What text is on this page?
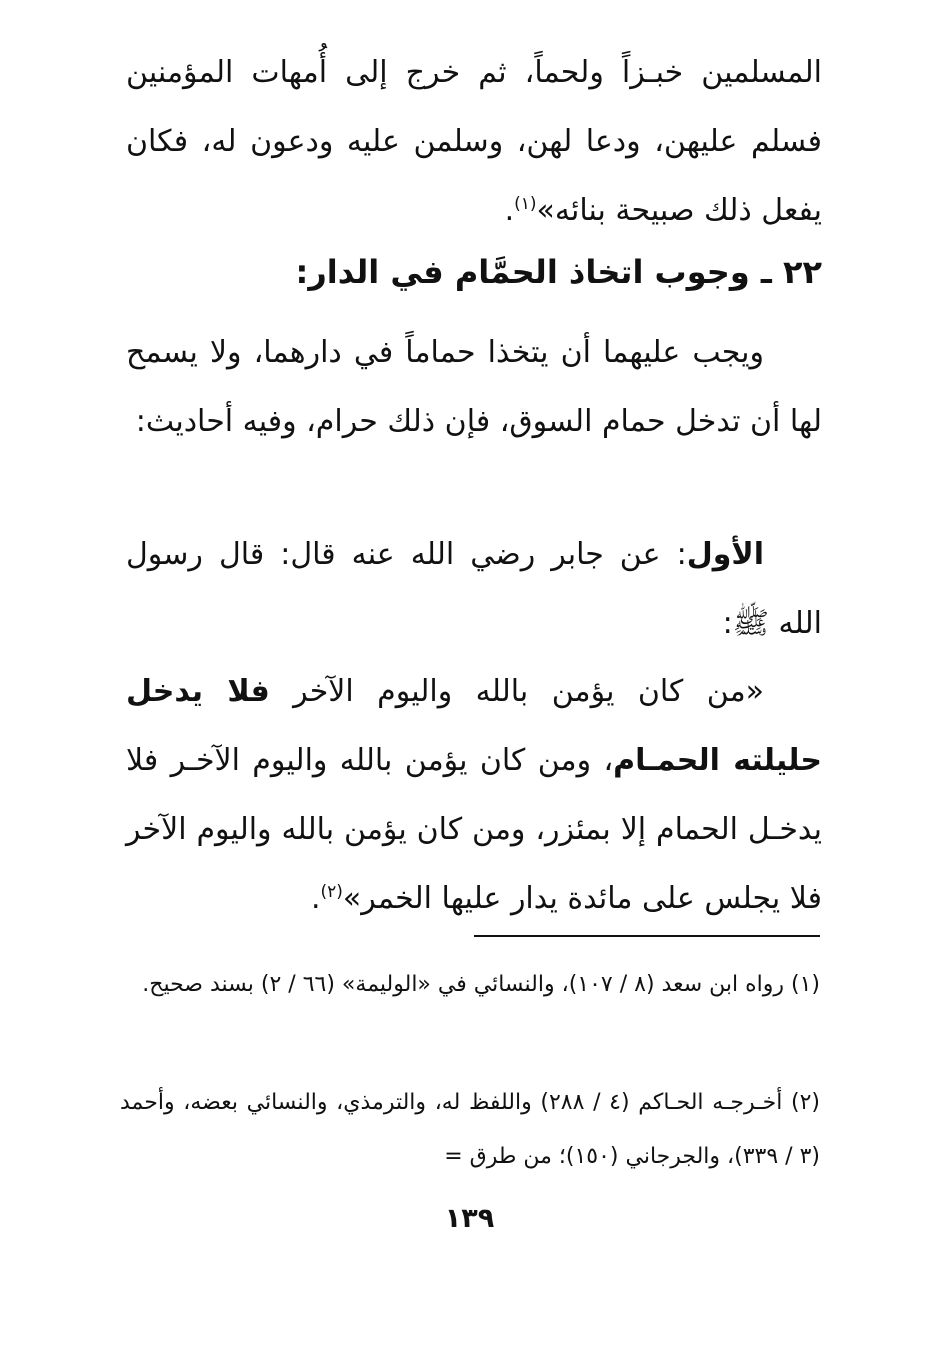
المسلمين خبـزاً ولحماً، ثم خرج إلى أُمهات المؤمنين فسلم عليهن، ودعا لهن، وسلمن عليه ودعون له، فكان يفعل ذلك صبيحة بنائه»$^{(١)}$.
٢٢ ـ وجوب اتخاذ الحمَّام في الدار:
ويجب عليهما أن يتخذا حماماً في دارهما، ولا يسمح لها أن تدخل حمام السوق، فإن ذلك حرام، وفيه أحاديث:
الأول: عن جابر رضي الله عنه قال: قال رسول الله ﷺ:
«من كان يؤمن بالله واليوم الآخر فلا يدخل حليلته الحمـام، ومن كان يؤمن بالله واليوم الآخـر فلا يدخـل الحمام إلا بمئزر، ومن كان يؤمن بالله واليوم الآخر فلا يجلس على مائدة يدار عليها الخمر»$^{(٢)}$.
(١) رواه ابن سعد (٨ / ١٠٧)، والنسائي في «الوليمة» (٦٦ / ٢) بسند صحيح.
(٢) أخـرجـه الحـاكم (٤ / ٢٨٨) واللفظ له، والترمذي، والنسائي بعضه، وأحمد (٣ / ٣٣٩)، والجرجاني (١٥٠)؛ من طرق =
١٣٩
